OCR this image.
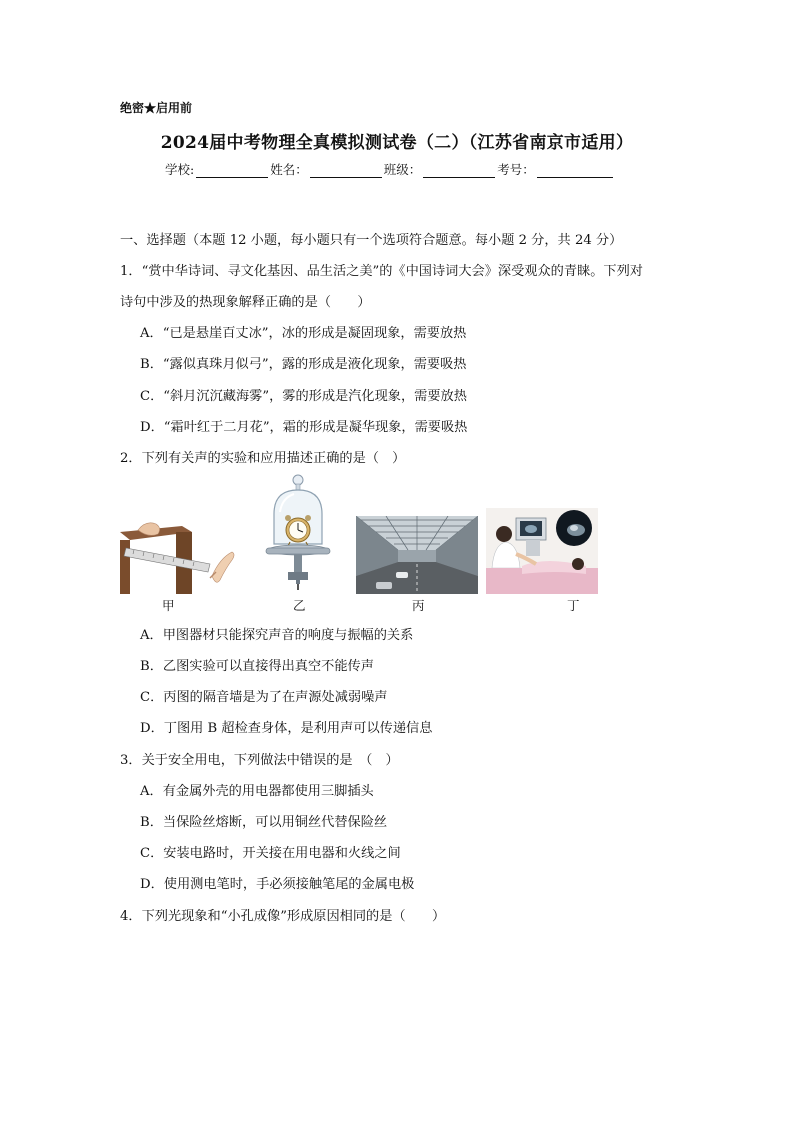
绝密★启用前
2024届中考物理全真模拟测试卷（二）（江苏省南京市适用）
学校:	姓名：	班级：	考号：
一、选择题（本题 12 小题，每小题只有一个选项符合题意。每小题 2 分，共 24 分）
1．“赏中华诗词、寻文化基因、品生活之美”的《中国诗词大会》深受观众的青睐。下列对
诗句中涉及的热现象解释正确的是（　　）
A．“已是悬崖百丈冰”，冰的形成是凝固现象，需要放热
B．“露似真珠月似弓”，露的形成是液化现象，需要吸热
C．“斜月沉沉藏海雾”，雾的形成是汽化现象，需要放热
D．“霜叶红于二月花”，霜的形成是凝华现象，需要吸热
2．下列有关声的实验和应用描述正确的是（　）
甲	乙	丙	丁
A．甲图器材只能探究声音的响度与振幅的关系
B．乙图实验可以直接得出真空不能传声
C．丙图的隔音墙是为了在声源处减弱噪声
D．丁图用 B 超检查身体，是利用声可以传递信息
3．关于安全用电，下列做法中错误的是　（　）
A．有金属外壳的用电器都使用三脚插头
B．当保险丝熔断，可以用铜丝代替保险丝
C．安装电路时，开关接在用电器和火线之间
D．使用测电笔时，手必须接触笔尾的金属电极
4．下列光现象和“小孔成像”形成原因相同的是（　　）
